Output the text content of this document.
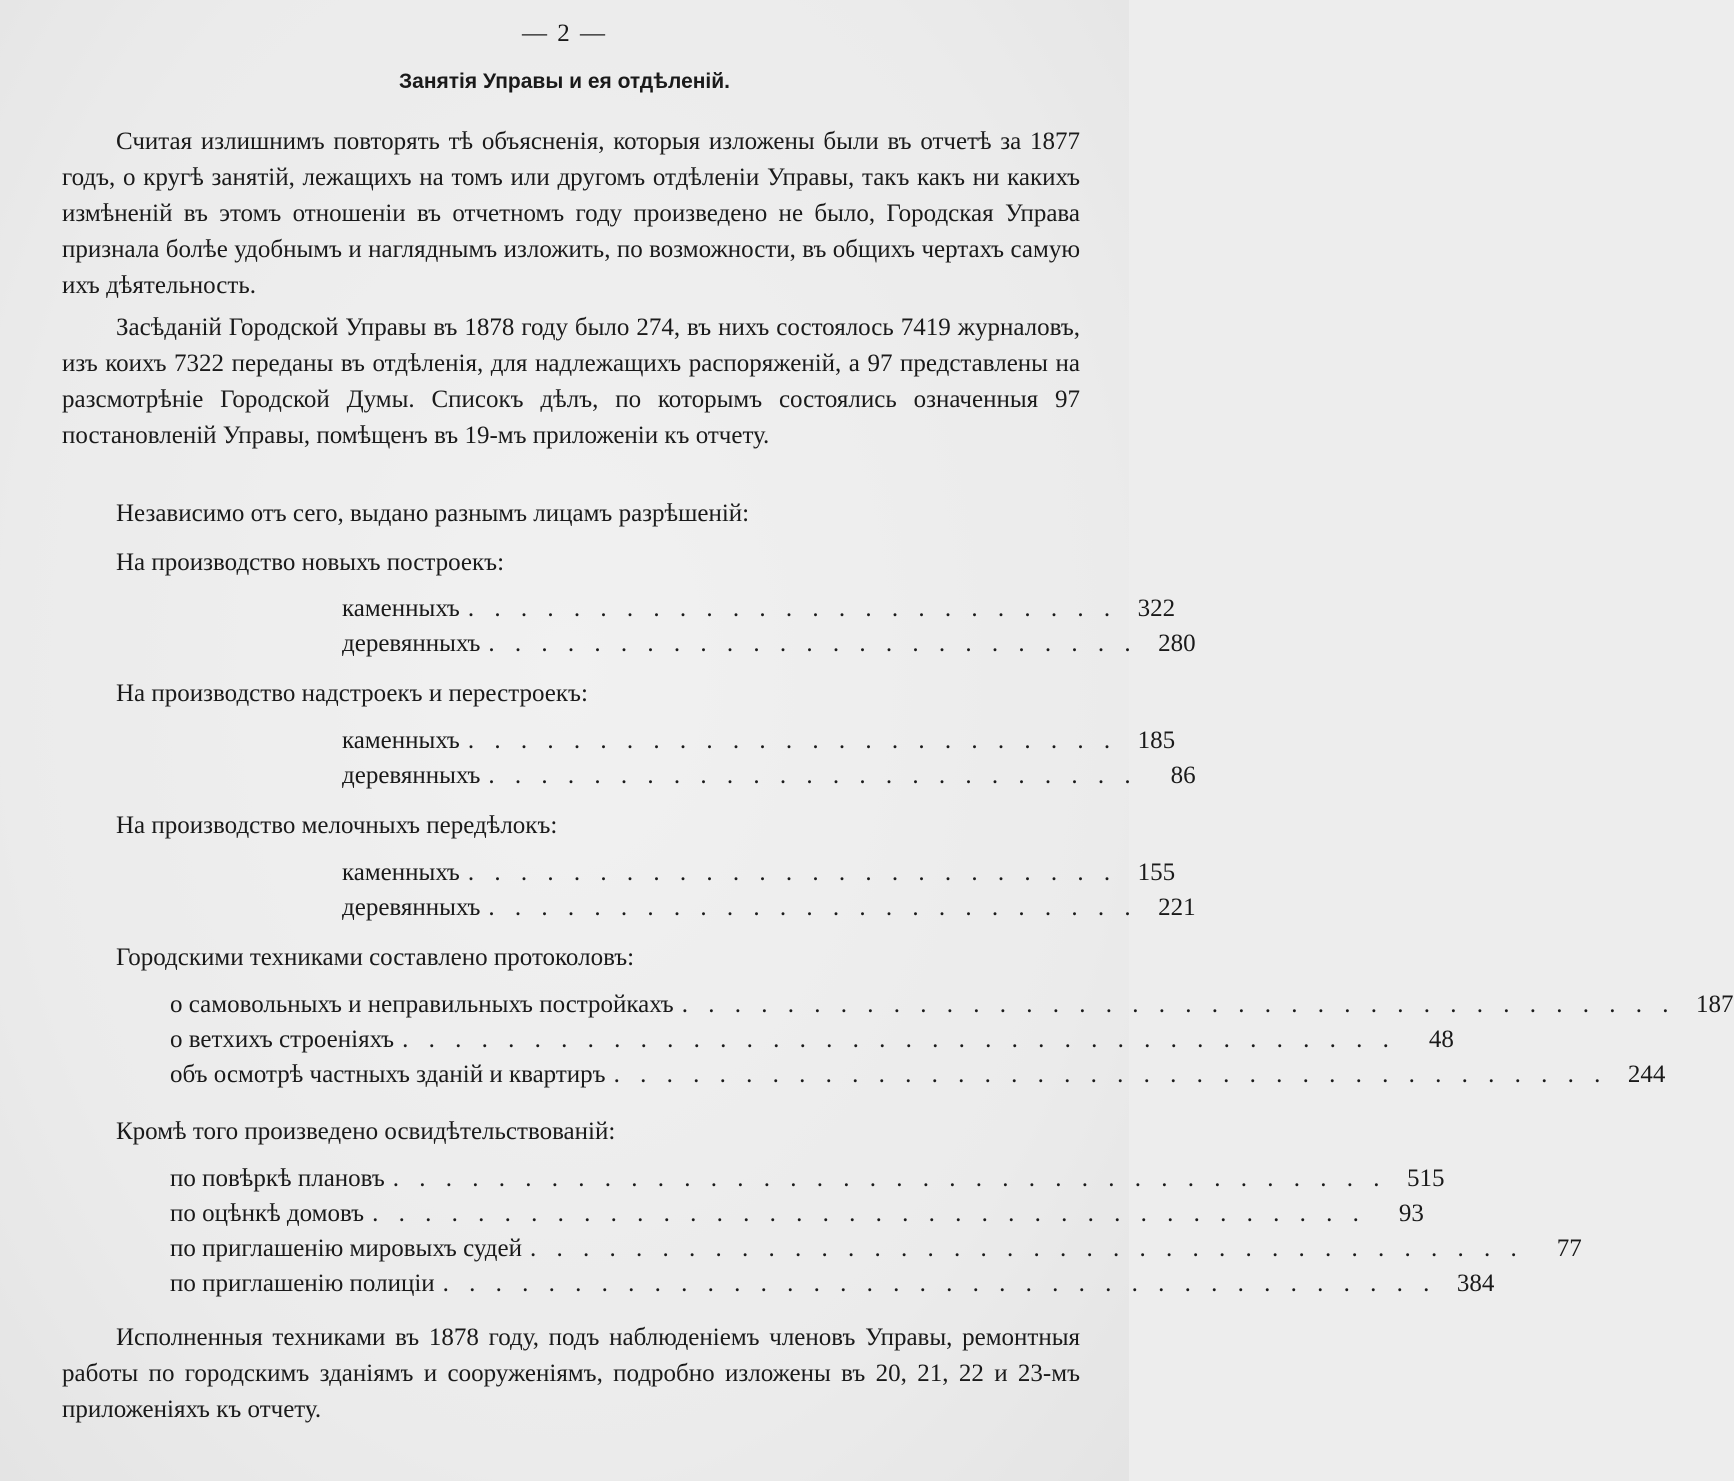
— 2 —
Занятія Управы и ея отдѣленій.

Считая излишнимъ повторять тѣ объясненія, которыя изложены были въ отчетѣ за 1877 годъ, о кругѣ занятій, лежащихъ на томъ или другомъ отдѣленіи Управы, такъ какъ ни какихъ измѣненій въ этомъ отношеніи въ отчетномъ году произведено не было, Городская Управа признала болѣе удобнымъ и нагляднымъ изложить, по возможности, въ общихъ чертахъ самую ихъ дѣятельность.

Засѣданій Городской Управы въ 1878 году было 274, въ нихъ состоялось 7419 журналовъ, изъ коихъ 7322 переданы въ отдѣленія, для надлежащихъ распоряженій, а 97 представлены на разсмотрѣніе Городской Думы. Списокъ дѣлъ, по которымъ состоялись означенныя 97 постановленій Управы, помѣщенъ въ 19-мъ приложеніи къ отчету.

Независимо отъ сего, выдано разнымъ лицамъ разрѣшеній:
На производство новыхъ построекъ:
каменныхъ . . . . . . . . . . . . . . . . . . . . . . . . . 322
деревянныхъ . . . . . . . . . . . . . . . . . . . . . . . . . 280
На производство надстроекъ и перестроекъ:
каменныхъ . . . . . . . . . . . . . . . . . . . . . . . . . 185
деревянныхъ . . . . . . . . . . . . . . . . . . . . . . . . .	86
На производство мелочныхъ передѣлокъ:
каменныхъ . . . . . . . . . . . . . . . . . . . . . . . . . 155
деревянныхъ . . . . . . . . . . . . . . . . . . . . . . . . . 221
Городскими техниками составлено протоколовъ:
о самовольныхъ и неправильныхъ постройкахъ . . . . . . . . . . . . . . . . . . . . . . . . . . . . . . . . . . . . . . 187
о ветхихъ строеніяхъ . . . . . . . . . . . . . . . . . . . . . . . . . . . . . . . . . . . . . .	48
объ осмотрѣ частныхъ зданій и квартиръ . . . . . . . . . . . . . . . . . . . . . . . . . . . . . . . . . . . . . . 244
Кромѣ того произведено освидѣтельствованій:
по повѣркѣ плановъ . . . . . . . . . . . . . . . . . . . . . . . . . . . . . . . . . . . . . . 515
по оцѣнкѣ домовъ . . . . . . . . . . . . . . . . . . . . . . . . . . . . . . . . . . . . . .	93
по приглашенію мировыхъ судей . . . . . . . . . . . . . . . . . . . . . . . . . . . . . . . . . . . . . .	77
по приглашенію полиціи . . . . . . . . . . . . . . . . . . . . . . . . . . . . . . . . . . . . . . 384

Исполненныя техниками въ 1878 году, подъ наблюденіемъ членовъ Управы, ремонтныя работы по городскимъ зданіямъ и сооруженіямъ, подробно изложены въ 20, 21, 22 и 23-мъ приложеніяхъ къ отчету.
